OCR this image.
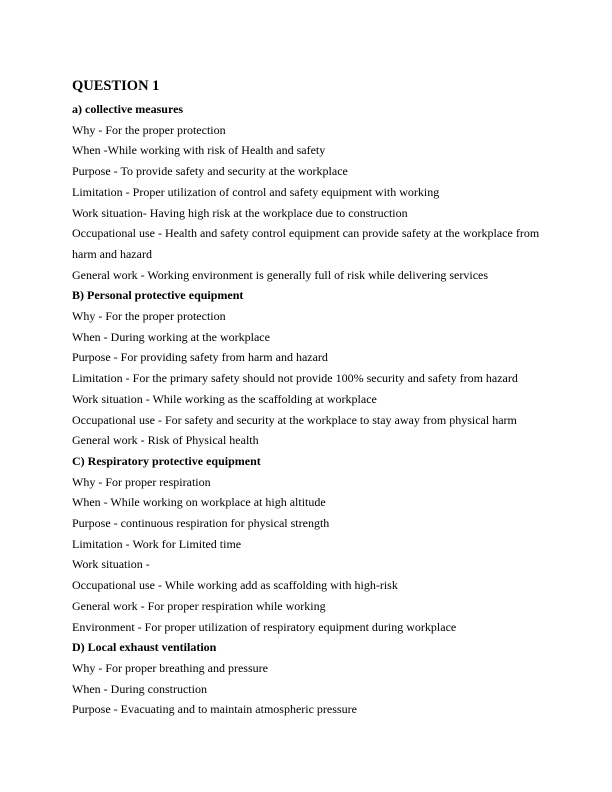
QUESTION 1

a) collective measures

Why - For the proper protection

When -While working with risk of Health and safety

Purpose - To provide safety and security at the workplace

Limitation - Proper utilization of control and safety equipment with working

Work situation- Having high risk at the workplace due to construction

Occupational use - Health and safety control equipment can provide safety at the workplace from harm and hazard

General work - Working environment is generally full of risk while delivering services

B) Personal protective equipment

Why - For the proper protection

When - During working at the workplace

Purpose - For providing safety from harm and hazard

Limitation - For the primary safety should not provide 100% security and safety from hazard

Work situation - While working as the scaffolding at workplace

Occupational use - For safety and security at the workplace to stay away from physical harm

General work - Risk of Physical health

C) Respiratory protective equipment

Why - For proper respiration

When - While working on workplace at high altitude

Purpose - continuous respiration for physical strength

Limitation - Work for Limited time

Work situation -

Occupational use - While working add as scaffolding with high-risk

General work - For proper respiration while working

Environment - For proper utilization of respiratory equipment during workplace

D) Local exhaust ventilation

Why - For proper breathing and pressure

When - During construction

Purpose - Evacuating and to maintain atmospheric pressure
